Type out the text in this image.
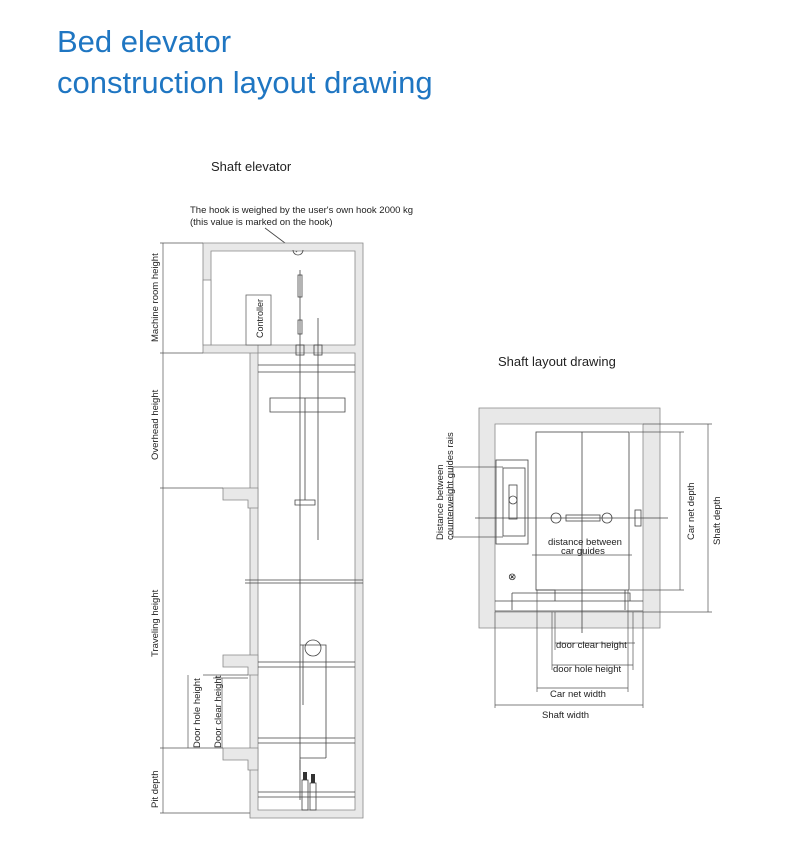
Bed elevator
construction layout drawing
Shaft elevator
The hook is weighed by the user's own hook 2000 kg
(this value is marked on the hook)
Controller
Machine room height
Overhead height
Traveling height
Door hole height Door clear height
Pit depth
Shaft layout drawing
⊗
Distance between counterweight guides rais
distance between
car guides
Car net depth Shaft depth
door clear height
door hole height
Car net width
Shaft width
